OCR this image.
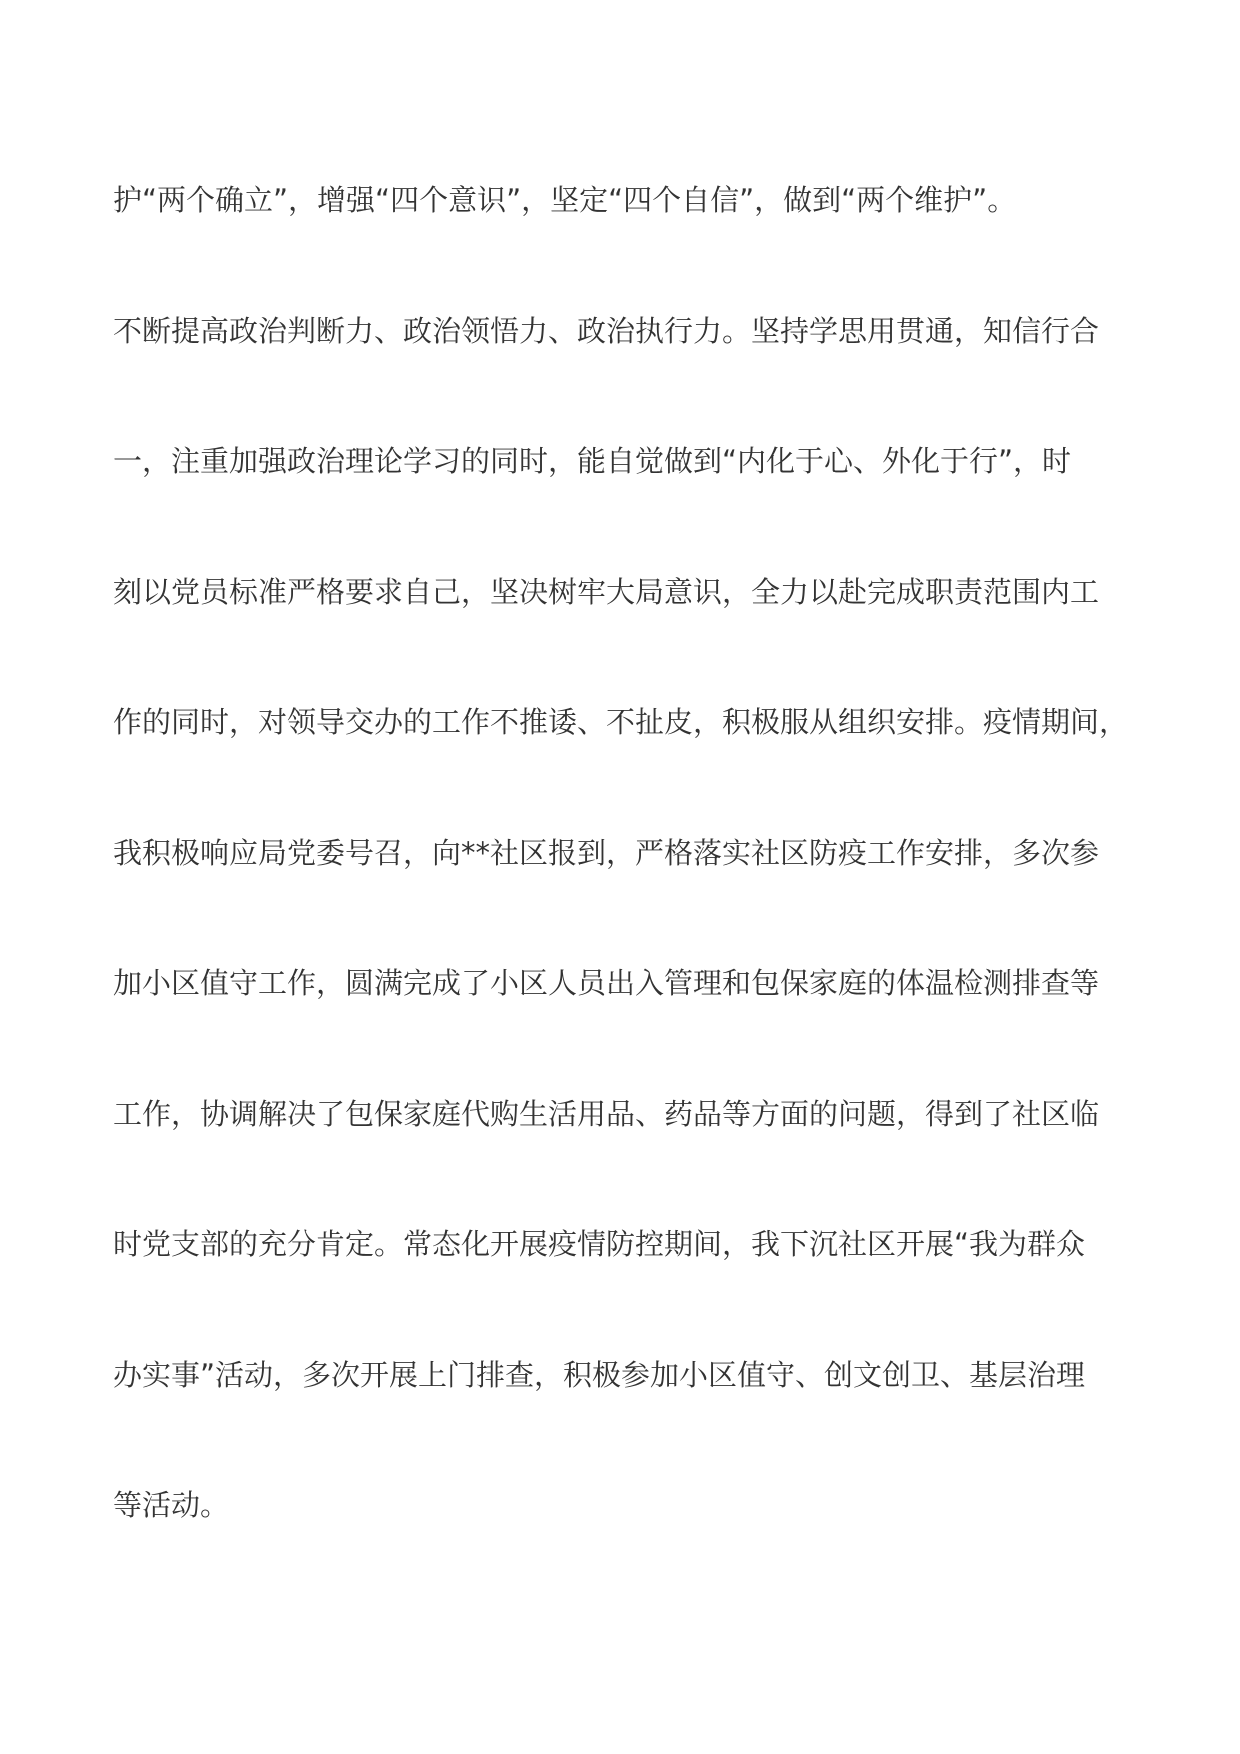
护“两个确立”，增强“四个意识”，坚定“四个自信”，做到“两个维护”。
不断提高政治判断力、政治领悟力、政治执行力。坚持学思用贯通，知信行合
一，注重加强政治理论学习的同时，能自觉做到“内化于心、外化于行”，时
刻以党员标准严格要求自己，坚决树牢大局意识，全力以赴完成职责范围内工
作的同时，对领导交办的工作不推诿、不扯皮，积极服从组织安排。疫情期间，
我积极响应局党委号召，向**社区报到，严格落实社区防疫工作安排，多次参
加小区值守工作，圆满完成了小区人员出入管理和包保家庭的体温检测排查等
工作，协调解决了包保家庭代购生活用品、药品等方面的问题，得到了社区临
时党支部的充分肯定。常态化开展疫情防控期间，我下沉社区开展“我为群众
办实事”活动，多次开展上门排查，积极参加小区值守、创文创卫、基层治理
等活动。
